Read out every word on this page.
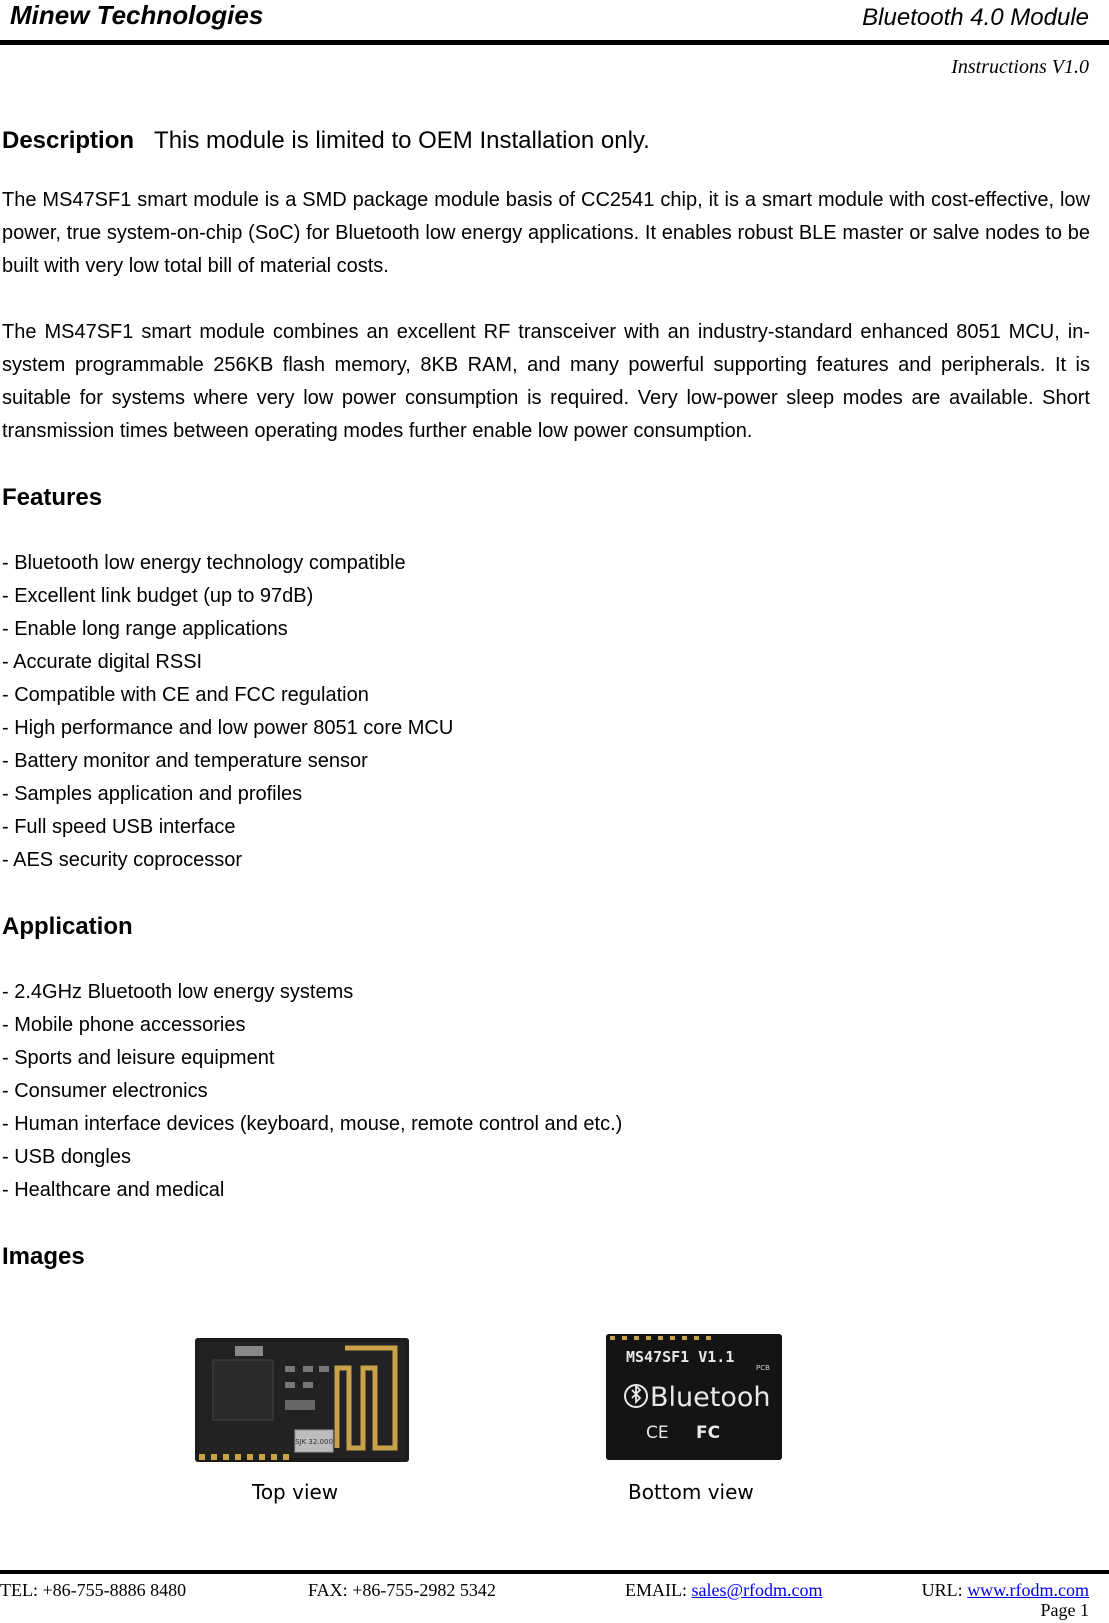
Minew Technologies	Bluetooth 4.0 Module
Instructions V1.0
Description This module is limited to OEM Installation only.

The MS47SF1 smart module is a SMD package module basis of CC2541 chip, it is a smart module with cost-effective, low power, true system-on-chip (SoC) for Bluetooth low energy applications. It enables robust BLE master or salve nodes to be built with very low total bill of material costs.

The MS47SF1 smart module combines an excellent RF transceiver with an industry-standard enhanced 8051 MCU, in-system programmable 256KB flash memory, 8KB RAM, and many powerful supporting features and peripherals. It is suitable for systems where very low power consumption is required. Very low-power sleep modes are available. Short transmission times between operating modes further enable low power consumption.

Features
- Bluetooth low energy technology compatible
- Excellent link budget (up to 97dB)
- Enable long range applications
- Accurate digital RSSI
- Compatible with CE and FCC regulation
- High performance and low power 8051 core MCU
- Battery monitor and temperature sensor
- Samples application and profiles
- Full speed USB interface
- AES security coprocessor
Application
- 2.4GHz Bluetooth low energy systems
- Mobile phone accessories
- Sports and leisure equipment
- Consumer electronics
- Human interface devices (keyboard, mouse, remote control and etc.)
- USB dongles
- Healthcare and medical
Images
SJK 32.000
MS47SF1 V1.1
PCB
Bluetooh
CE FC
Top view	Bottom view
TEL: +86-755-8886 8480	FAX: +86-755-2982 5342	EMAIL: sales@rfodm.com	URL: www.rfodm.com
Page 1
